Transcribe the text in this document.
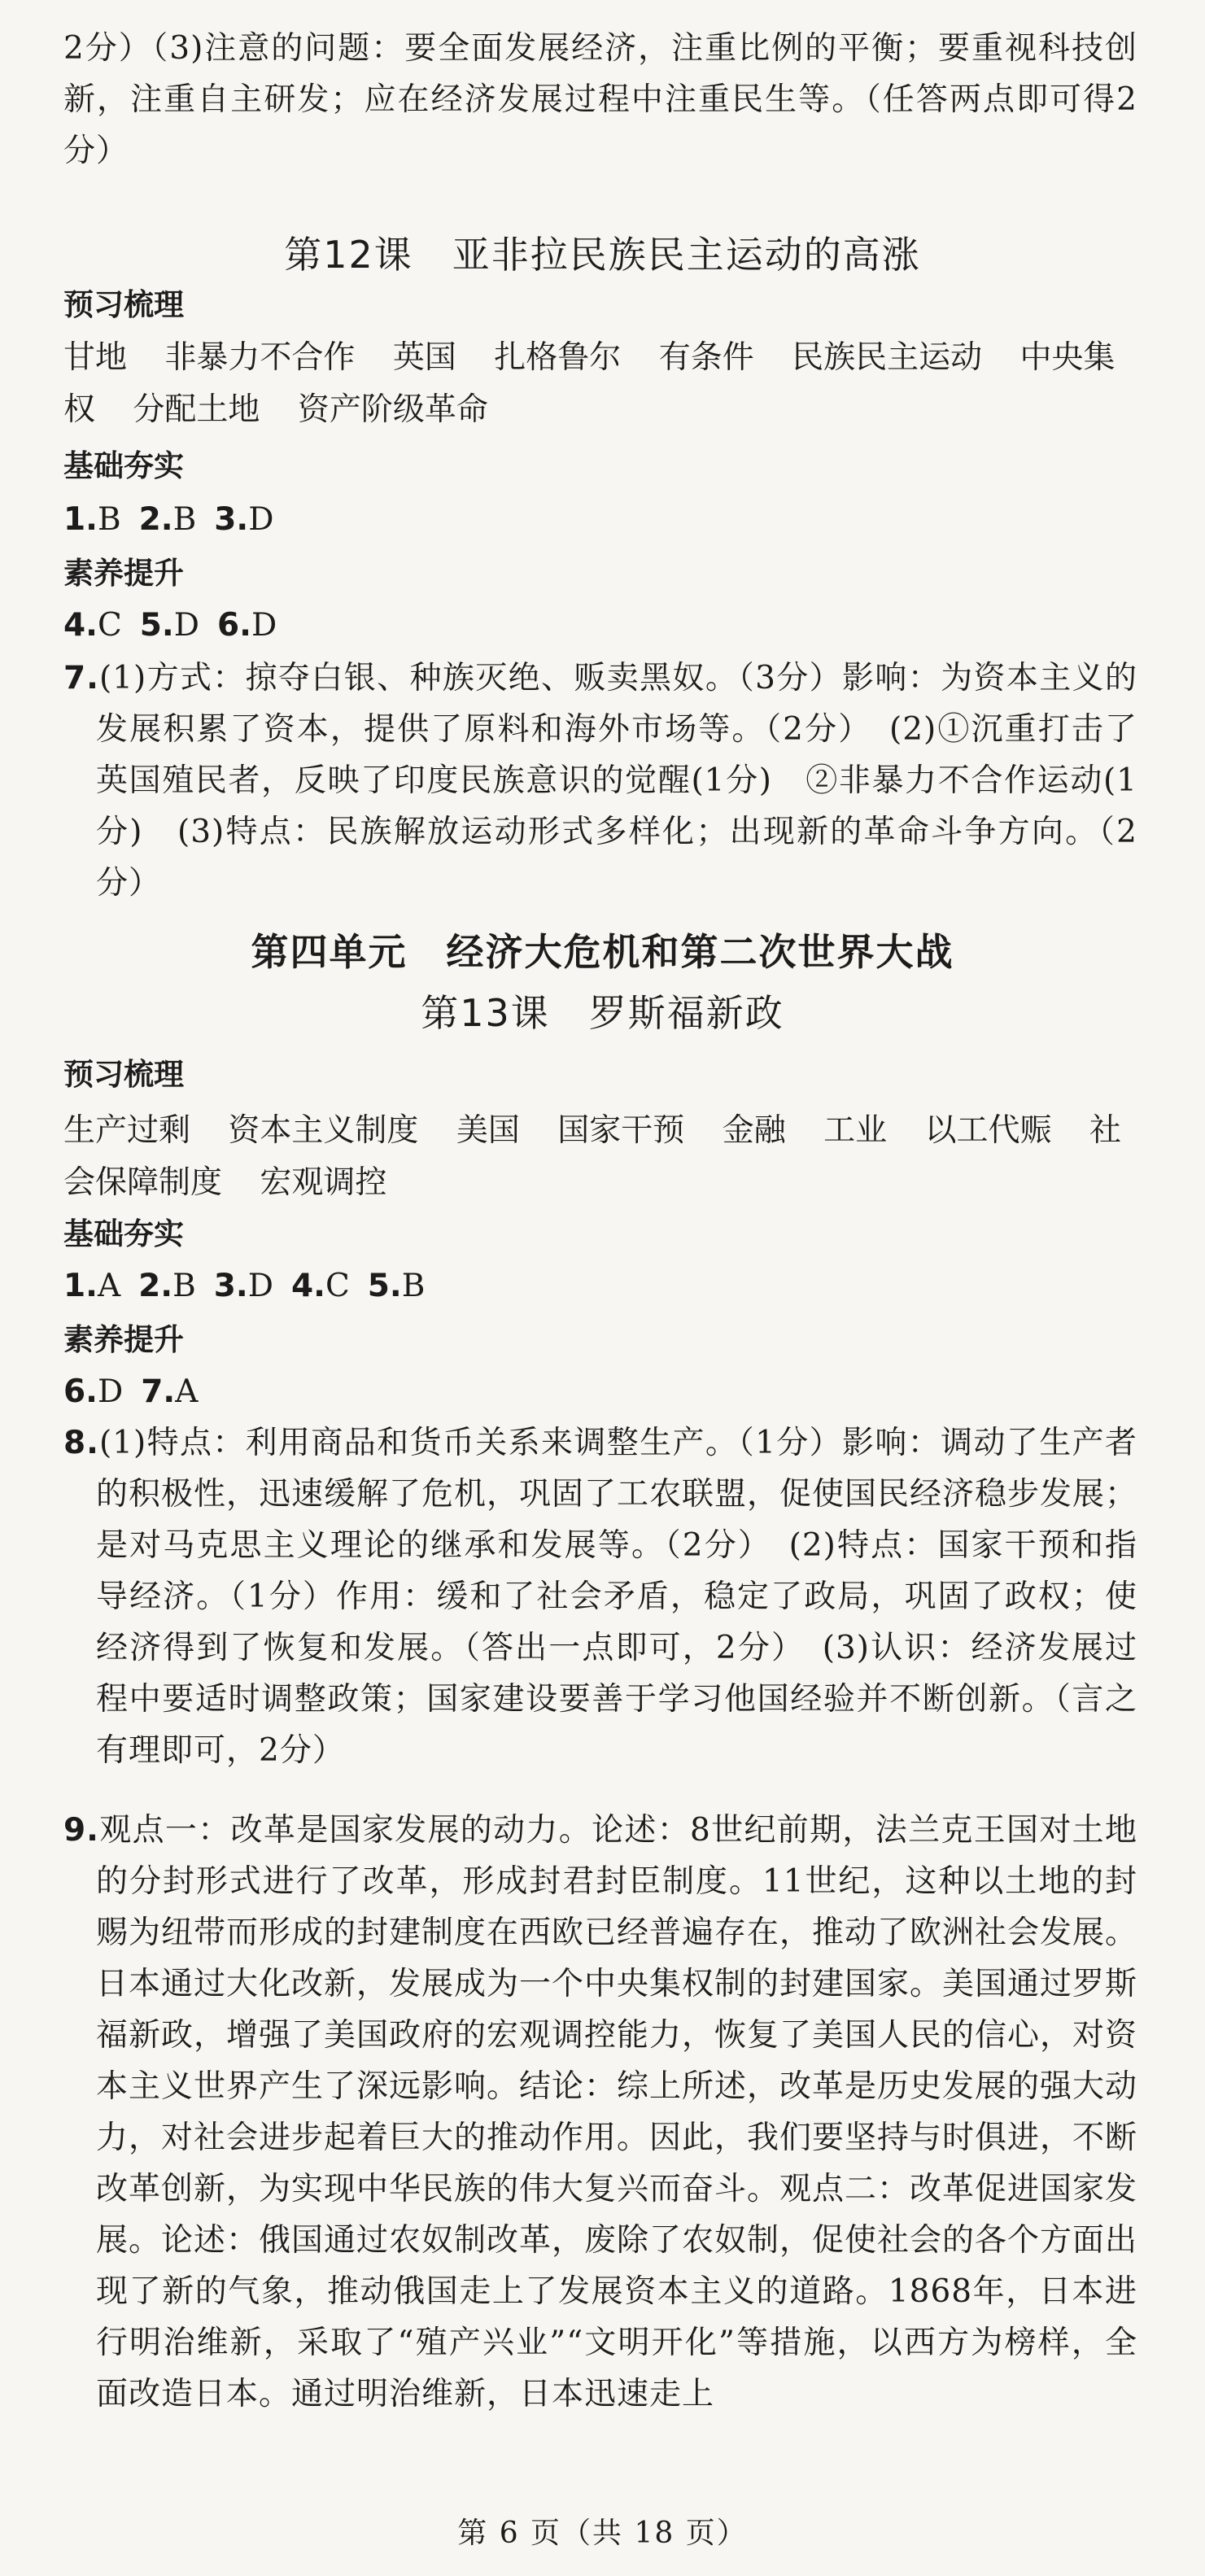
2分）（3)注意的问题：要全面发展经济，注重比例的平衡；要重视科技创新，注重自主研发；应在经济发展过程中注重民生等。（任答两点即可得2分）

第12课　亚非拉民族民主运动的高涨
预习梳理
甘地 非暴力不合作 英国 扎格鲁尔 有条件 民族民主运动 中央集权 分配土地 资产阶级革命
基础夯实
1.B 2.B 3.D
素养提升
4.C 5.D 6.D

7.(1)方式：掠夺白银、种族灭绝、贩卖黑奴。（3分）影响：为资本主义的发展积累了资本，提供了原料和海外市场等。（2分）　(2)①沉重打击了英国殖民者，反映了印度民族意识的觉醒(1分)　②非暴力不合作运动(1分)　(3)特点：民族解放运动形式多样化；出现新的革命斗争方向。（2分）

第四单元　经济大危机和第二次世界大战
第13课　罗斯福新政
预习梳理
生产过剩 资本主义制度 美国 国家干预 金融 工业 以工代赈 社会保障制度 宏观调控
基础夯实
1.A 2.B 3.D 4.C 5.B
素养提升
6.D 7.A

8.(1)特点：利用商品和货币关系来调整生产。（1分）影响：调动了生产者的积极性，迅速缓解了危机，巩固了工农联盟，促使国民经济稳步发展；是对马克思主义理论的继承和发展等。（2分）　(2)特点：国家干预和指导经济。（1分）作用：缓和了社会矛盾，稳定了政局，巩固了政权；使经济得到了恢复和发展。（答出一点即可，2分）　(3)认识：经济发展过程中要适时调整政策；国家建设要善于学习他国经验并不断创新。（言之有理即可，2分）

9.观点一：改革是国家发展的动力。论述：8世纪前期，法兰克王国对土地的分封形式进行了改革，形成封君封臣制度。11世纪，这种以土地的封赐为纽带而形成的封建制度在西欧已经普遍存在，推动了欧洲社会发展。日本通过大化改新，发展成为一个中央集权制的封建国家。美国通过罗斯福新政，增强了美国政府的宏观调控能力，恢复了美国人民的信心，对资本主义世界产生了深远影响。结论：综上所述，改革是历史发展的强大动力，对社会进步起着巨大的推动作用。因此，我们要坚持与时俱进，不断改革创新，为实现中华民族的伟大复兴而奋斗。观点二：改革促进国家发展。论述：俄国通过农奴制改革，废除了农奴制，促使社会的各个方面出现了新的气象，推动俄国走上了发展资本主义的道路。1868年，日本进行明治维新，采取了“殖产兴业”“文明开化”等措施，以西方为榜样，全面改造日本。通过明治维新，日本迅速走上

第 6 页（共 18 页）
